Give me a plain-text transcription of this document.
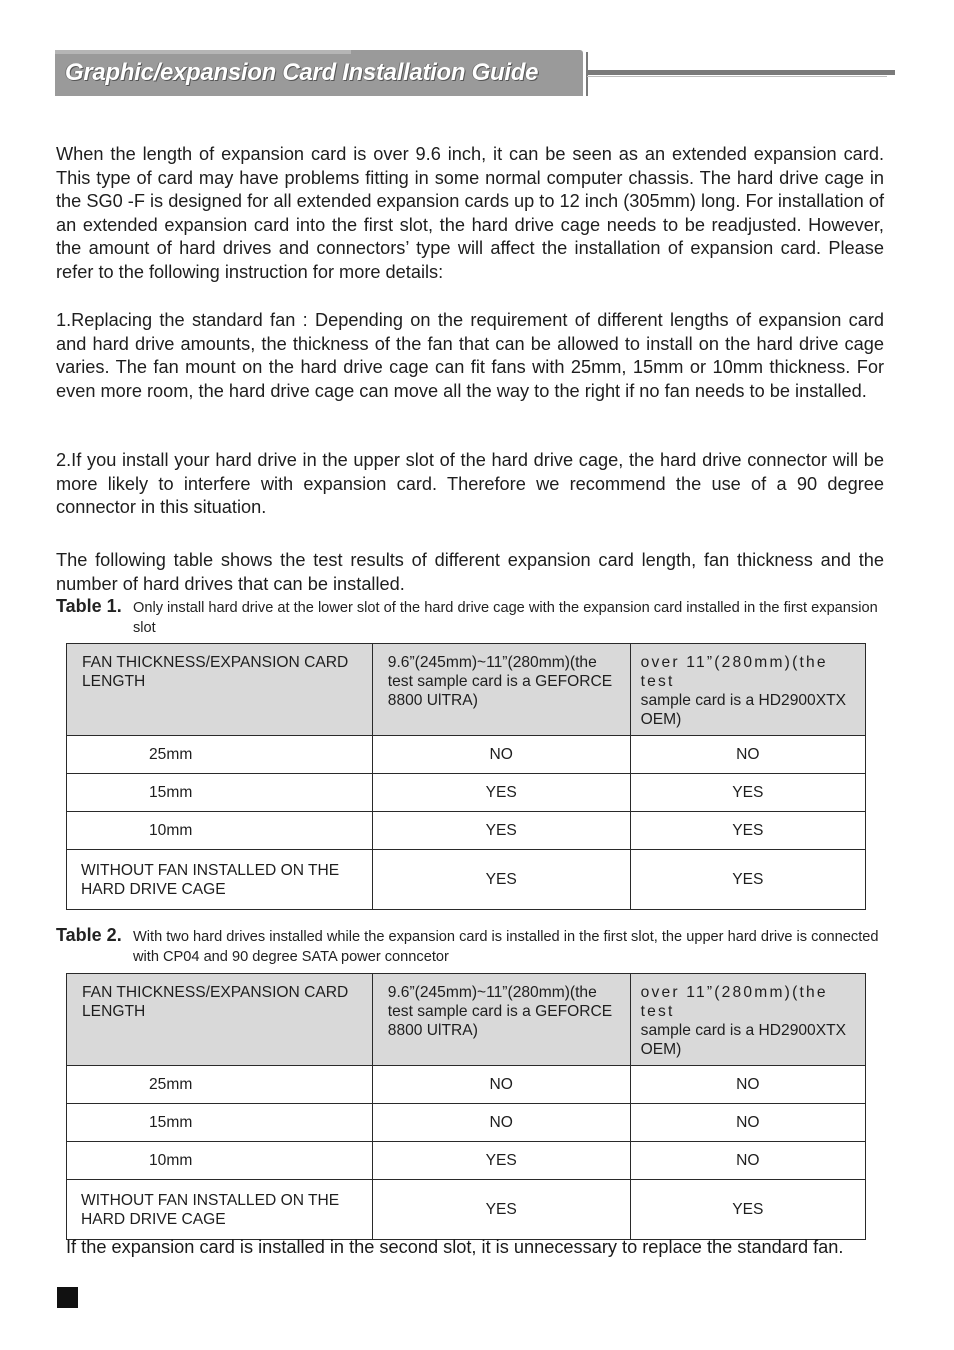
Graphic/expansion Card Installation Guide

When the length of expansion card is over 9.6 inch, it can be seen as an extended expansion card. This type of card may have problems fitting in some normal computer chassis. The hard drive cage in the SG0 -F is designed for all extended expansion cards up to 12 inch (305mm) long. For installation of an extended expansion card into the first slot, the hard drive cage needs to be readjusted. However, the amount of hard drives and connectors’ type will affect the installation of expansion card. Please refer to the following instruction for more details:

1.Replacing the standard fan : Depending on the requirement of different lengths of expansion card and hard drive amounts, the thickness of the fan that can be allowed to install on the hard drive cage varies. The fan mount on the hard drive cage can fit fans with 25mm, 15mm or 10mm thickness. For even more room, the hard drive cage can move all the way to the right if no fan needs to be installed.

2.If you install your hard drive in the upper slot of the hard drive cage, the hard drive connector will be more likely to interfere with expansion card. Therefore we recommend the use of a 90 degree connector in this situation.

The following table shows the test results of different expansion card length, fan thickness and the number of hard drives that can be installed.

Table 1. Only install hard drive at the lower slot of the hard drive cage with the expansion card installed in the first expansion slot
FAN THICKNESS/EXPANSION CARD LENGTH	9.6”(245mm)~11”(280mm)(the test sample card is a GEFORCE 8800 UlTRA)	over 11”(280mm)(the test
sample card is a HD2900XTX OEM)
25mm	NO	NO
15mm	YES	YES
10mm	YES	YES
WITHOUT FAN INSTALLED ON THE HARD DRIVE CAGE	YES	YES
Table 2. With two hard drives installed while the expansion card is installed in the first slot, the upper hard drive is connected with CP04 and 90 degree SATA power conncetor
FAN THICKNESS/EXPANSION CARD LENGTH	9.6”(245mm)~11”(280mm)(the test sample card is a GEFORCE 8800 UlTRA)	over 11”(280mm)(the test
sample card is a HD2900XTX OEM)
25mm	NO	NO
15mm	NO	NO
10mm	YES	NO
WITHOUT FAN INSTALLED ON THE HARD DRIVE CAGE	YES	YES

If the expansion card is installed in the second slot, it is unnecessary to replace the standard fan.
